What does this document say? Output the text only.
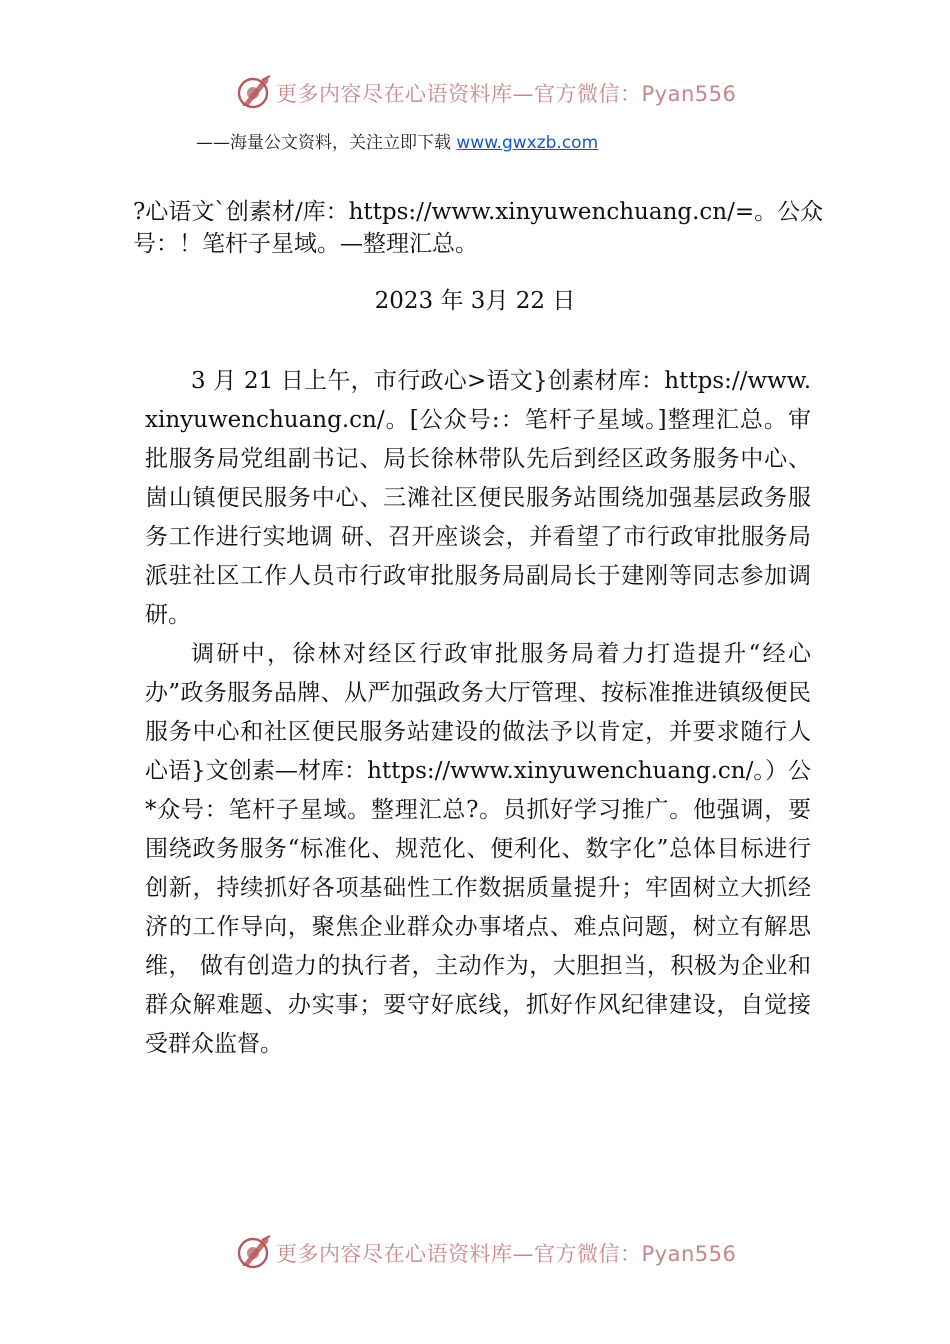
更多内容尽在心语资料库—官方微信：Pyan556
——海量公文资料，关注立即下载 www.gwxzb.com
?心语文`创素材/库：https://www.xinyuwenchuang.cn/=。公众号：！笔杆子星域。—整理汇总。
2023 年 3月 22 日

3 月 21 日上午，市行政心>语文}创素材库：https://www.xinyuwenchuang.cn/。[公众号:：笔杆子星域。]整理汇总。审批服务局党组副书记、局长徐林带队先后到经区政务服务中心、崮山镇便民服务中心、三滩社区便民服务站围绕加强基层政务服务工作进行实地调 研、召开座谈会，并看望了市行政审批服务局派驻社区工作人员市行政审批服务局副局长于建刚等同志参加调研。

调研中，徐林对经区行政审批服务局着力打造提升“经心办”政务服务品牌、从严加强政务大厅管理、按标准推进镇级便民服务中心和社区便民服务站建设的做法予以肯定，并要求随行人心语}文创素—材库：https://www.xinyuwenchuang.cn/。）公*众号：笔杆子星域。整理汇总?。员抓好学习推广。他强调，要围绕政务服务“标准化、规范化、便利化、数字化”总体目标进行创新，持续抓好各项基础性工作数据质量提升；牢固树立大抓经济的工作导向，聚焦企业群众办事堵点、难点问题，树立有解思维， 做有创造力的执行者，主动作为，大胆担当，积极为企业和群众解难题、办实事；要守好底线，抓好作风纪律建设，自觉接受群众监督。

更多内容尽在心语资料库—官方微信：Pyan556
